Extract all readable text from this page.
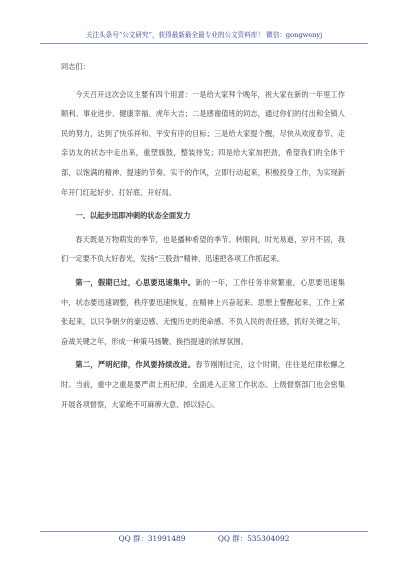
关注头条号“公文研究”，获得最新最全最专业的公文资料库！ 微信：gongwenyj

同志们：

今天召开这次会议主要有四个用意：一是给大家拜个晚年，祝大家在新的一年里工作顺利、事业进步、健康幸福、虎年大吉；二是感谢值班的同志，通过你们的付出和全镇人民的努力，达到了快乐祥和、平安有序的目标；三是给大家提个醒，尽快从欢度春节、走亲访友的状态中走出来，重塑旗鼓，整装待发；四是给大家加把劲，希望我们的全体干部，以饱满的精神、提速的节奏、实干的作风，立即行动起来，积极投身工作，为实现新年开门红起好步、打好底、开好局。

一、以起步迅即冲刺的状态全面发力

春天既是万物萌发的季节，也是播种希望的季节。转眼间，时光易逝，岁月不居，我们一定要不负大好春光，发扬“三股劲”精神，迅速把各项工作抓起来。

第一，假期已过，心思要迅速集中。新的一年，工作任务非常繁重，心思要迅速集中，状态要迅速调整，秩序要迅速恢复，在精神上兴奋起来、思想上警醒起来、工作上紧张起来，以只争朝夕的豪迈感、无愧历史的使命感、不负人民的责任感，抓好关键之年，奋战关键之年，形成一种策马扬鞭、换挡提速的浓厚氛围。

第二，严明纪律，作风要持续改进。春节刚刚过完，这个时期，往往是纪律松懈之时。当前，重中之重是要严肃上班纪律，全面进入正常工作状态。上级督察部门也会密集开展各项督察，大家绝不可麻痹大意、掉以轻心。

QQ 群：31991489	QQ 群：535304092
